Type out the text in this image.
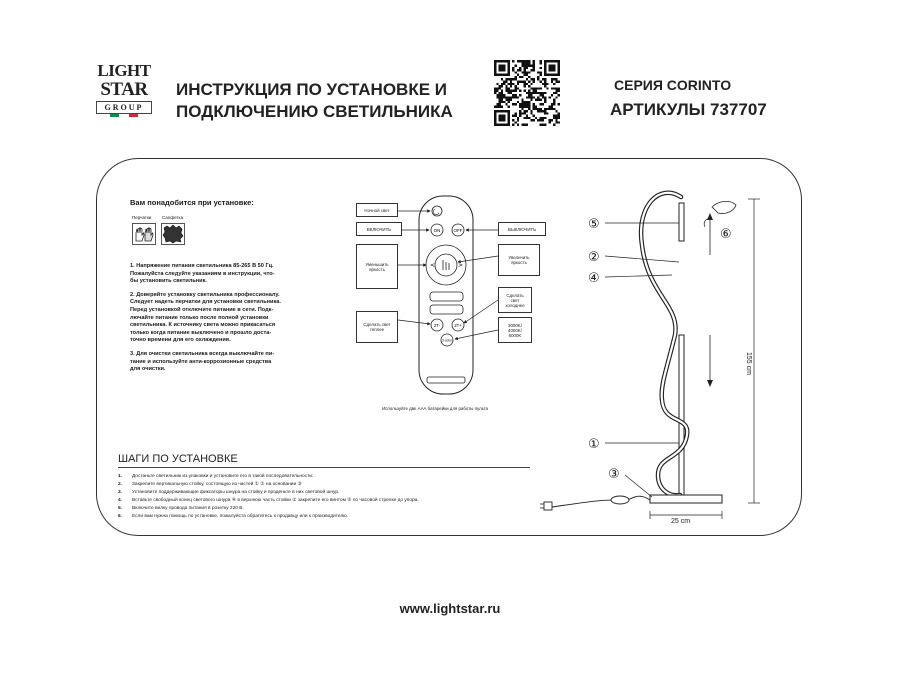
LIGHT
STAR
GROUP
ИНСТРУКЦИЯ ПО УСТАНОВКЕ И
ПОДКЛЮЧЕНИЮ СВЕТИЛЬНИКА
СЕРИЯ CORINTO
АРТИКУЛЫ 737707
Вам понадобится при установке:
Перчатки Салфетка

1. Напряжение питания светильника 85-265 В 50 Гц.
Пожалуйста следуйте указаниям в инструкции, что-
бы установить светильник.

2. Доверяйте установку светильника профессионалу.
Следует надеть перчатки для установки светильника.
Перед установкой отключите питание в сети. Подк-
лючайте питание только после полной установки
светильника. К источнику света можно прикасаться
только когда питание выключено и прошло доста-
точно времени для его охлаждения.

3. Для очистки светильника всегда выключайте пи-
тание и используйте анти-коррозионные средства
для очистки.

ON	OFF
<	>
2T-	2T+
3-color
Ночной свет
ВКЛЮЧИТЬ	ВЫКЛЮЧИТЬ
Уменьшить яркость
Увеличить яркость
Сделать свет холоднее
Сделать свет теплее
3000K/ 4000K/ 6000K
Используйте две ААА батарейки для работы пульта
ШАГИ ПО УСТАНОВКЕ
1.	Достаньте светильник из упаковки и установите его в такой последовательности:
2.	Закрепите вертикальную стойку, состоящую из частей ① ② на основании ③
3.	Установите поддерживающие фиксаторы шнура на стойку и проденьте в них световой шнур.
4.	Вставьте свободный конец светового шнура ④ в верхнюю часть стойки ② закрепите его винтом ⑤ по часовой стрелке до упора.
5.	Включите вилку провода питания в розетку 220 В.
6.	Если вам нужна помощь по установке, пожалуйста обратитесь к продавцу или к производителю.
⑤
②
④
⑥
①
③
155 cm
25 cm
www.lightstar.ru
